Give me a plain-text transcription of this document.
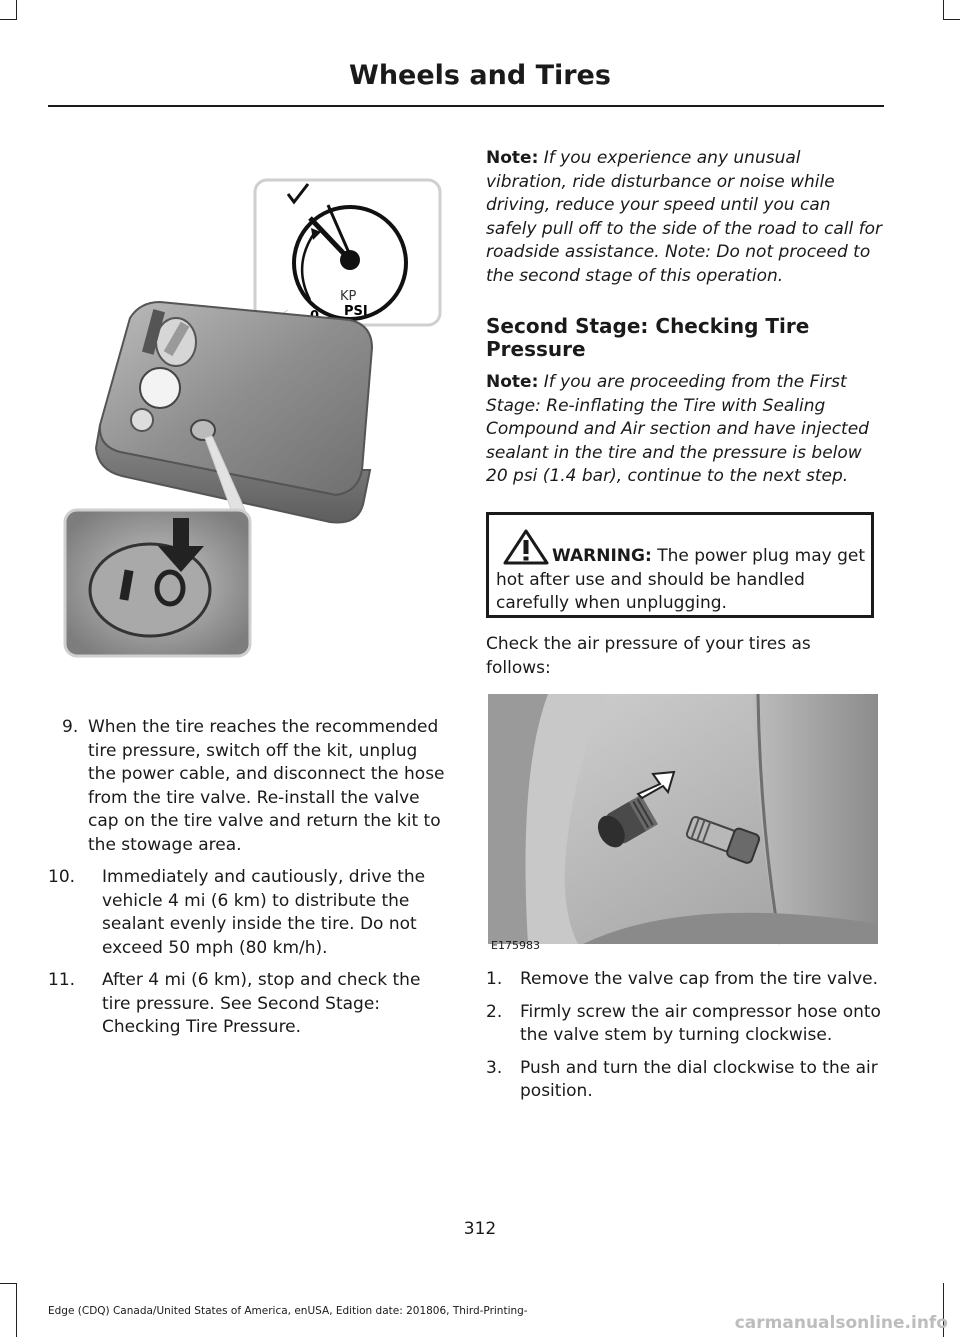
Wheels and Tires
KP
PSI
9. When the tire reaches the recommended tire pressure, switch off the kit, unplug the power cable, and disconnect the hose from the tire valve. Re-install the valve cap on the tire valve and return the kit to the stowage area.
10. Immediately and cautiously, drive the vehicle 4 mi (6 km) to distribute the sealant evenly inside the tire. Do not exceed 50 mph (80 km/h).
11. After 4 mi (6 km), stop and check the tire pressure. See Second Stage: Checking Tire Pressure.
Note: If you experience any unusual vibration, ride disturbance or noise while driving, reduce your speed until you can safely pull off to the side of the road to call for roadside assistance. Note: Do not proceed to the second stage of this operation.
Second Stage: Checking Tire Pressure
Note: If you are proceeding from the First Stage: Re-inflating the Tire with Sealing Compound and Air section and have injected sealant in the tire and the pressure is below 20 psi (1.4 bar), continue to the next step.
WARNING: The power plug may get hot after use and should be handled carefully when unplugging.
Check the air pressure of your tires as follows:
E175983
1. Remove the valve cap from the tire valve.
2. Firmly screw the air compressor hose onto the valve stem by turning clockwise.
3. Push and turn the dial clockwise to the air position.
312
Edge (CDQ) Canada/United States of America, enUSA, Edition date: 201806, Third-Printing-
carmanualsonline.info
